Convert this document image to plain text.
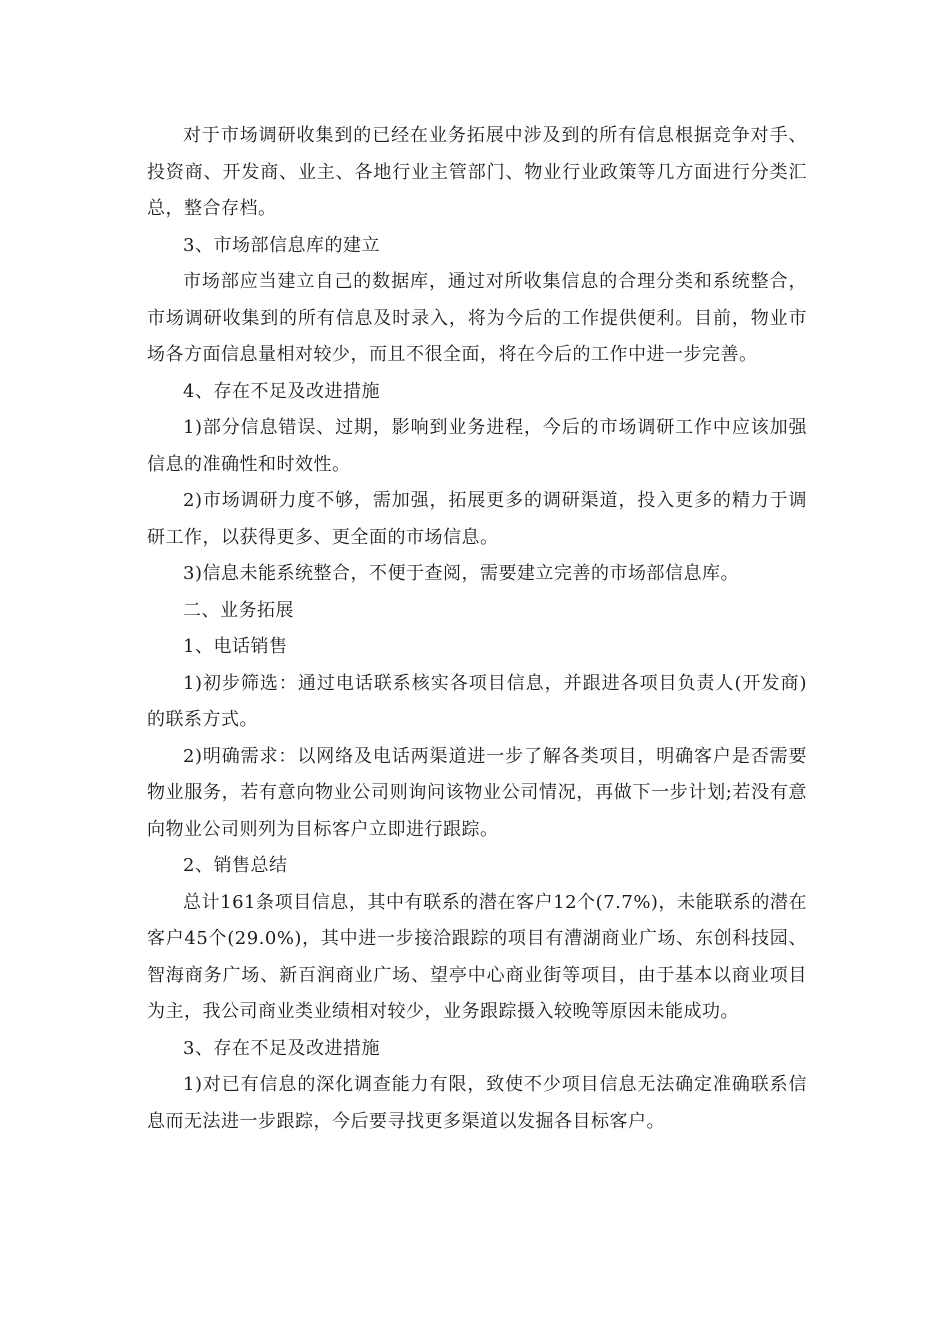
对于市场调研收集到的已经在业务拓展中涉及到的所有信息根据竞争对手、投资商、开发商、业主、各地行业主管部门、物业行业政策等几方面进行分类汇总，整合存档。

3、市场部信息库的建立

市场部应当建立自己的数据库，通过对所收集信息的合理分类和系统整合，市场调研收集到的所有信息及时录入，将为今后的工作提供便利。目前，物业市场各方面信息量相对较少，而且不很全面，将在今后的工作中进一步完善。

4、存在不足及改进措施

1)部分信息错误、过期，影响到业务进程，今后的市场调研工作中应该加强信息的准确性和时效性。

2)市场调研力度不够，需加强，拓展更多的调研渠道，投入更多的精力于调研工作，以获得更多、更全面的市场信息。

3)信息未能系统整合，不便于查阅，需要建立完善的市场部信息库。

二、业务拓展

1、电话销售

1)初步筛选：通过电话联系核实各项目信息，并跟进各项目负责人(开发商)的联系方式。

2)明确需求：以网络及电话两渠道进一步了解各类项目，明确客户是否需要物业服务，若有意向物业公司则询问该物业公司情况，再做下一步计划;若没有意向物业公司则列为目标客户立即进行跟踪。

2、销售总结

总计161条项目信息，其中有联系的潜在客户12个(7.7%)，未能联系的潜在客户45个(29.0%)，其中进一步接洽跟踪的项目有漕湖商业广场、东创科技园、智海商务广场、新百润商业广场、望亭中心商业街等项目，由于基本以商业项目为主，我公司商业类业绩相对较少，业务跟踪摄入较晚等原因未能成功。

3、存在不足及改进措施

1)对已有信息的深化调查能力有限，致使不少项目信息无法确定准确联系信息而无法进一步跟踪，今后要寻找更多渠道以发掘各目标客户。
